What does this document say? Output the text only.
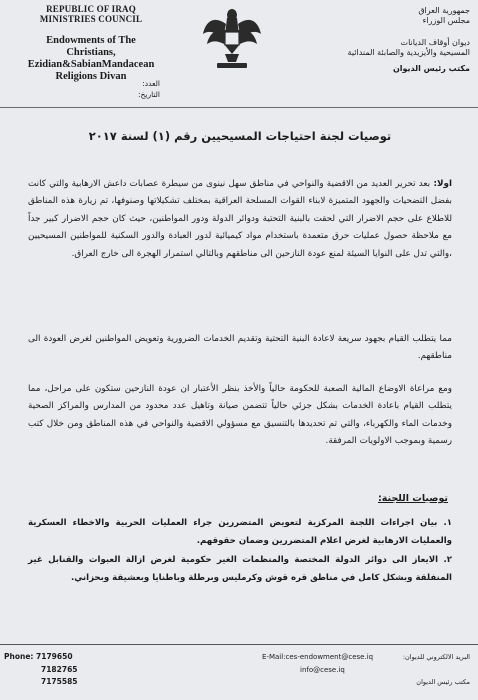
REPUBLIC OF IRAQ
MINISTRIES COUNCIL
Endowments of The
Christians, Ezidian&SabianMandacean
Religions Divan
جمهورية العراق
مجلس الوزراء
ديوان أوقاف الديانات
المسيحية والأيزيدية والصابئة المندائية
مكتب رئيس الديوان
العدد:
التاريخ:
توصيات لجنة احتياجات المسيحيين رقم (١) لسنة ٢٠١٧
اولا: بعد تحرير العديد من الاقضية والنواحي في مناطق سهل نينوى من سيطرة عصابات داعش الارهابية والتي كانت بفضل التضحيات والجهود المتميزة لابناء القوات المسلحة العراقية بمختلف تشكيلاتها وصنوفها، تم زيارة هذه المناطق للاطلاع على حجم الاضرار التي لحقت بالبنية التحتية ودوائر الدولة ودور المواطنين، حيث كان حجم الاضرار كبير جداً مع ملاحظة حصول عمليات حرق متعمدة باستخدام مواد كيميائية لدور العبادة والدور السكنية للمواطنين المسيحيين ،والتي تدل على النوايا السيئة لمنع عودة النازحين الى مناطقهم وبالتالي استمرار الهجرة الى خارج العراق.
مما يتطلب القيام بجهود سريعة لاعادة البنية التحتية وتقديم الخدمات الضرورية وتعويض المواطنين لغرض العودة الى مناطقهم.
ومع مراعاة الاوضاع المالية الصعبة للحكومة حالياً والأخذ بنظر الأعتبار ان عودة النازحين ستكون على مراحل، مما يتطلب القيام باعادة الخدمات بشكل جزئي حالياً تتضمن صيانة وتاهيل عدد محدود من المدارس والمراكز الصحية وخدمات الماء والكهرباء، والتي تم تحديدها بالتنسيق مع مسؤولي الاقضية والنواحي في هذه المناطق ومن خلال كتب رسمية وبموجب الاولويات المرفقة.
توصيات اللجنة:
١. بيان اجراءات اللجنة المركزية لتعويض المتضررين جراء العمليات الحربية والاخطاء العسكرية والعمليات الارهابية لغرض اعلام المتضررين وضمان حقوقهم.
٢. الايعاز الى دوائر الدولة المختصة والمنظمات الغير حكومية لغرض ازالة العبوات والقنابل غير المنفلقة وبشكل كامل في مناطق قره قوش وكرمليس وبرطلة وباطنايا وبعشيقة وبحزاني.
Phone: 7179650
7182765
7175585
E-Mail:ces-endowment@cese.iq
info@cese.iq
البريد الالكتروني للديوان:
مكتب رئيس الديوان
